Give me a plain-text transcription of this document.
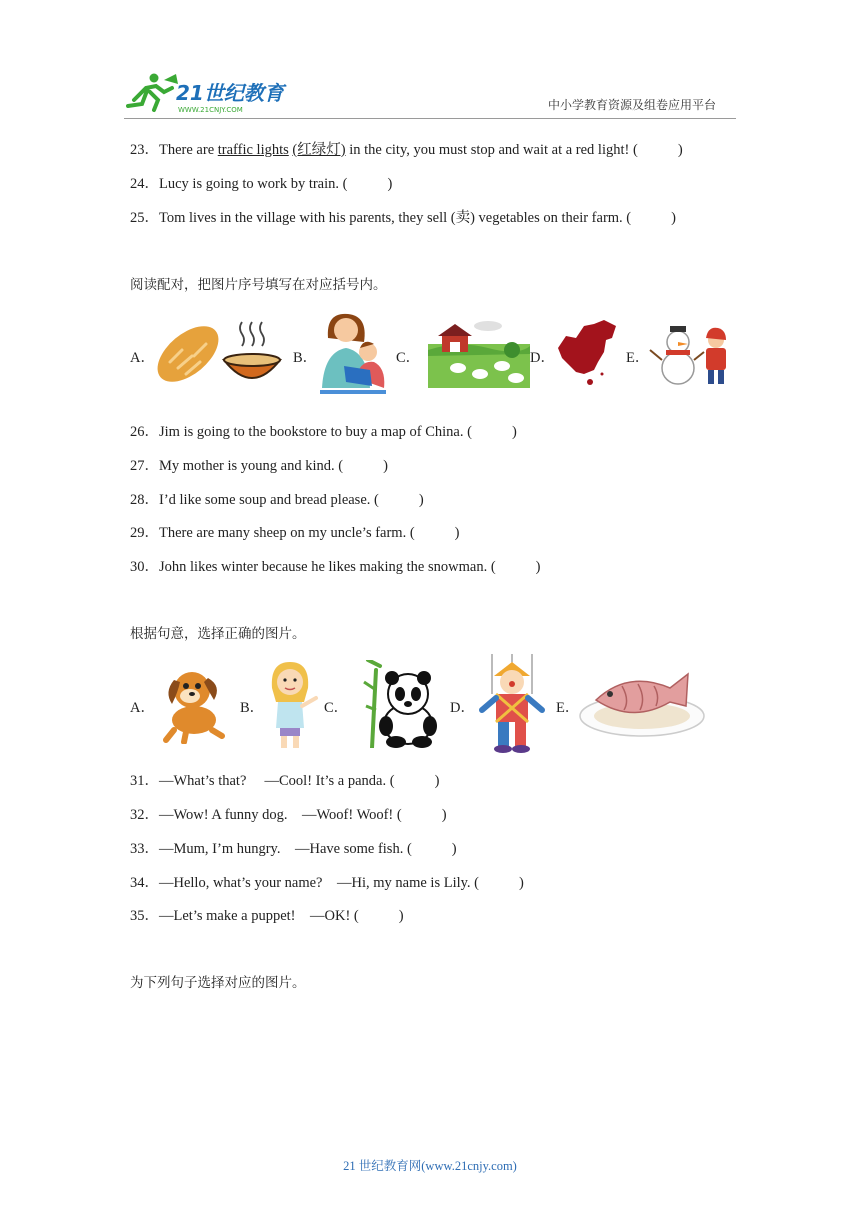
21世纪教育
WWW.21CNJY.COM	中小学教育资源及组卷应用平台
23．There are traffic lights (红绿灯) in the city, you must stop and wait at a red light! (	)
24．Lucy is going to work by train. (	)
25．Tom lives in the village with his parents, they sell (卖) vegetables on their farm. (	)
阅读配对，把图片序号填写在对应括号内。
A．	B．	C．	D．	E．
26．Jim is going to the bookstore to buy a map of China. (	)
27．My mother is young and kind. (	)
28．I’d like some soup and bread please. (	)
29．There are many sheep on my uncle’s farm. (	)
30．John likes winter because he likes making the snowman. (	)
根据句意，选择正确的图片。
A．	B．	C．	D．	E．
31．—What’s that?　 —Cool! It’s a panda. (	)
32．—Wow! A funny dog.　—Woof! Woof! (	)
33．—Mum, I’m hungry.　—Have some fish. (	)
34．—Hello, what’s your name?　—Hi, my name is Lily. (	)
35．—Let’s make a puppet!　—OK! (	)
为下列句子选择对应的图片。
21 世纪教育网(www.21cnjy.com)
